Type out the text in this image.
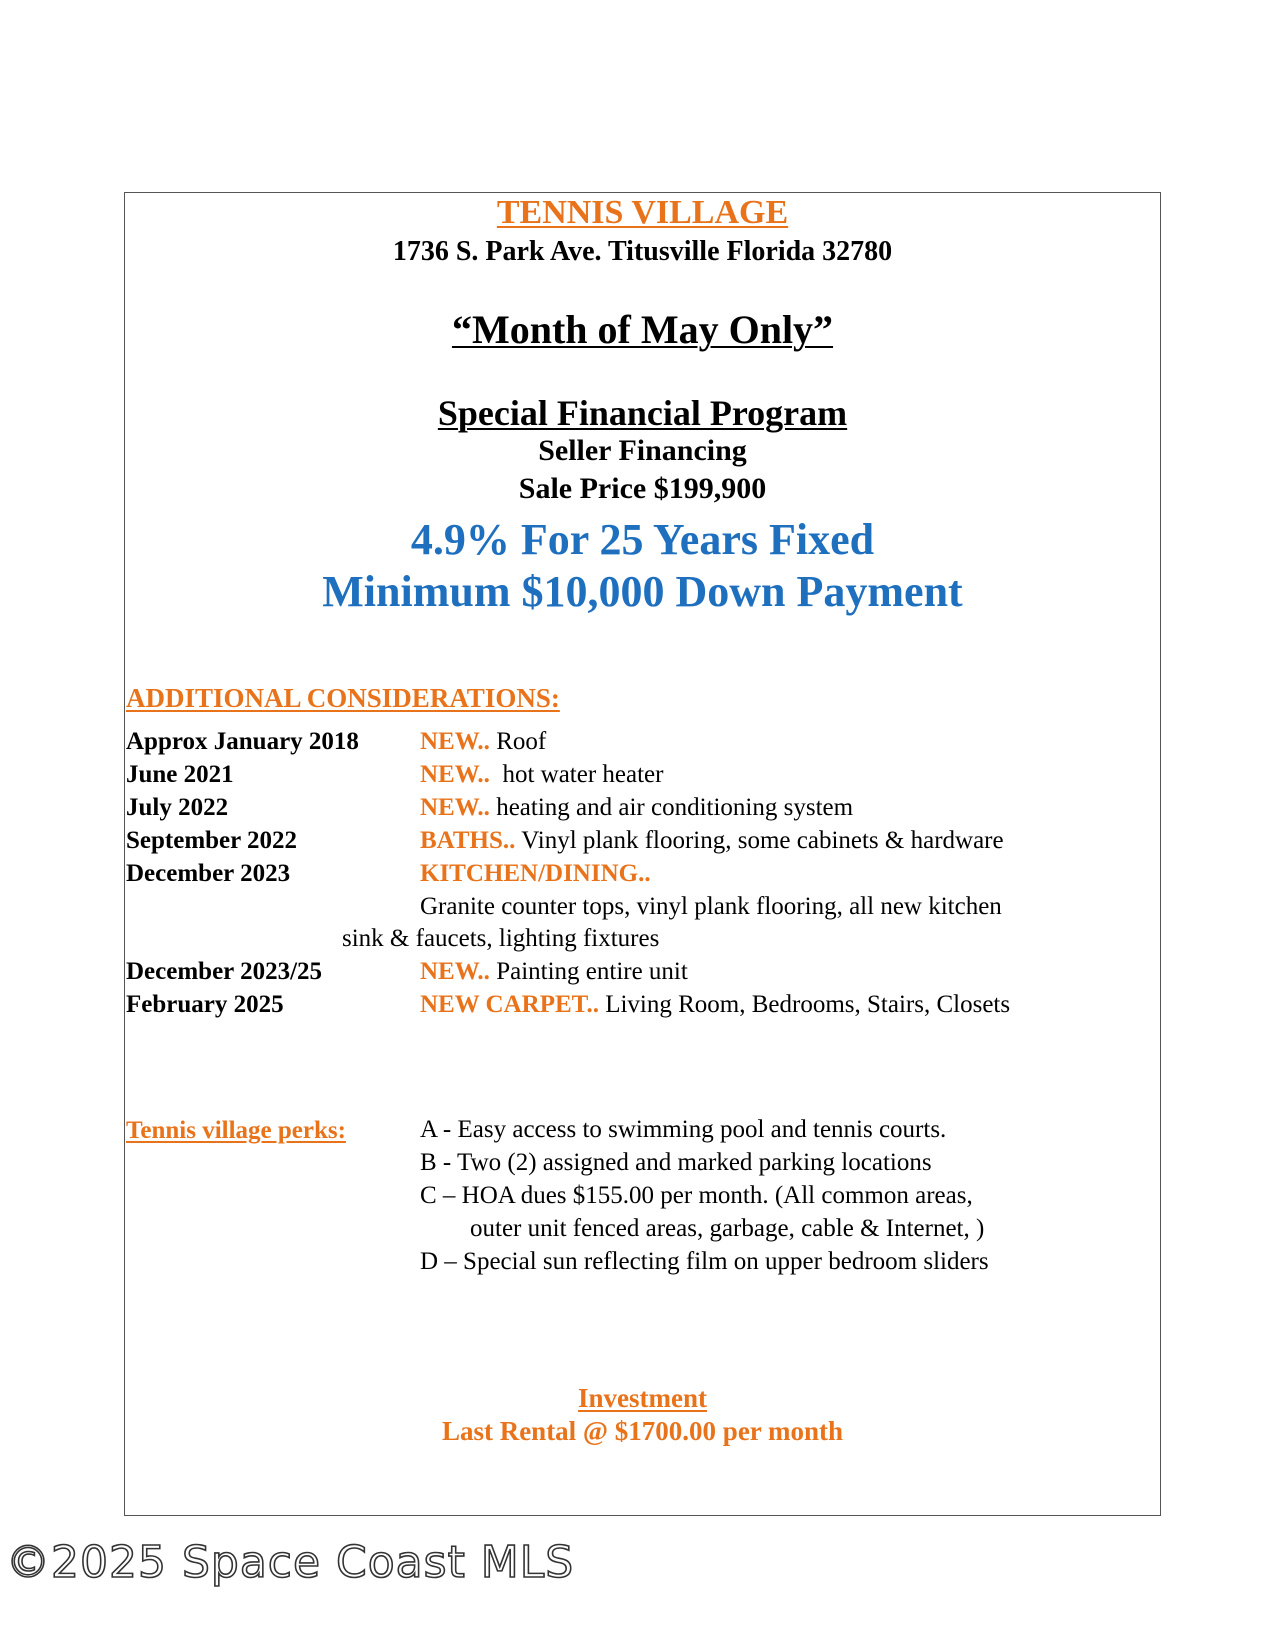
TENNIS VILLAGE
1736 S. Park Ave. Titusville Florida 32780
“Month of May Only”
Special Financial Program
Seller Financing
Sale Price $199,900
4.9% For 25 Years Fixed
Minimum $10,000 Down Payment
ADDITIONAL CONSIDERATIONS:
Approx January 2018 NEW.. Roof
June 2021	NEW..  hot water heater
July 2022	NEW.. heating and air conditioning system
September 2022	BATHS.. Vinyl plank flooring, some cabinets & hardware
December 2023	KITCHEN/DINING..
Granite counter tops, vinyl plank flooring, all new kitchen
sink & faucets, lighting fixtures
December 2023/25	NEW.. Painting entire unit
February 2025	NEW CARPET.. Living Room, Bedrooms, Stairs, Closets
Tennis village perks:	A - Easy access to swimming pool and tennis courts.
B - Two (2) assigned and marked parking locations
C – HOA dues $155.00 per month. (All common areas,
outer unit fenced areas, garbage, cable & Internet, )
D – Special sun reflecting film on upper bedroom sliders
Investment
Last Rental @ $1700.00 per month
©2025 Space Coast MLS
